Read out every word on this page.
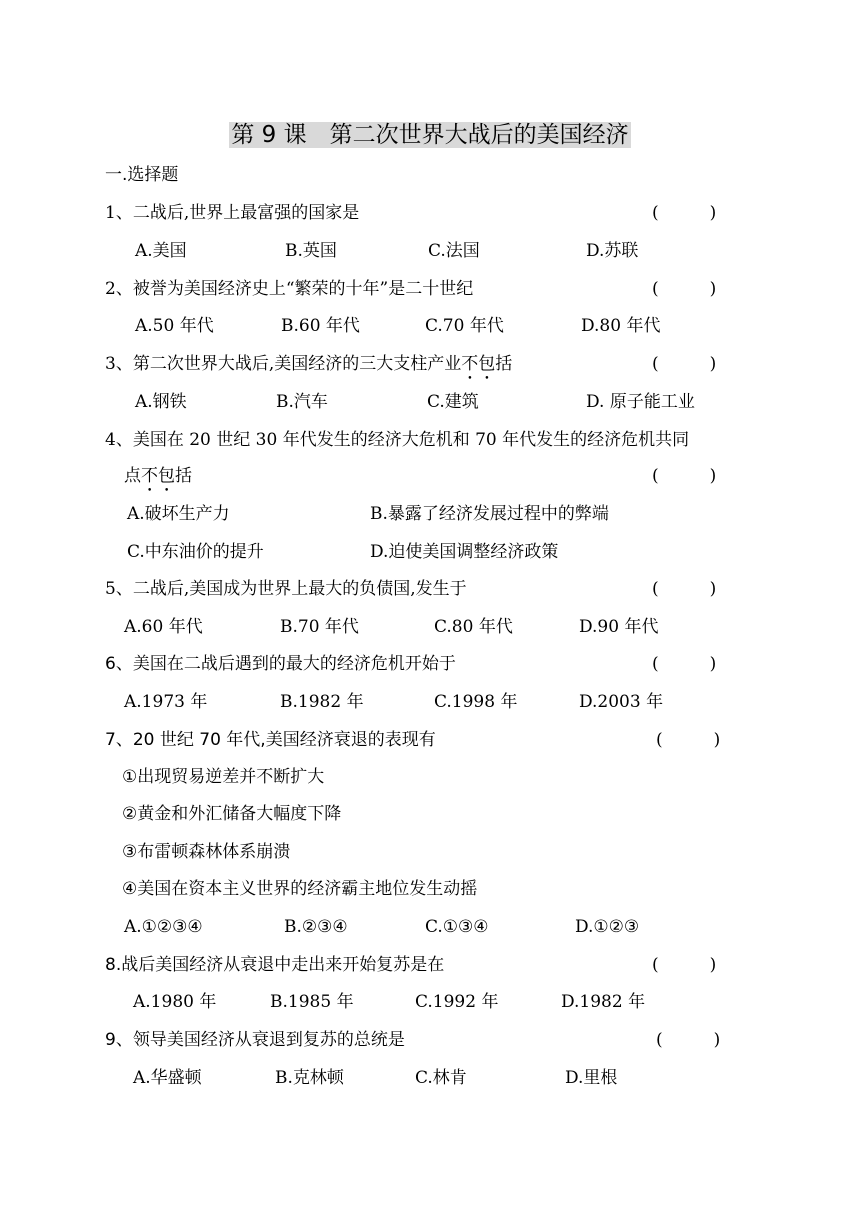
第 9 课　第二次世界大战后的美国经济
一.选择题
1、二战后,世界上最富强的国家是	(　　　)
A.美国	B.英国	C.法国	D.苏联
2、被誉为美国经济史上“繁荣的十年”是二十世纪	(　　　)
A.50 年代	B.60 年代	C.70 年代	D.80 年代
3、第二次世界大战后,美国经济的三大支柱产业不包括	(　　　)
A.钢铁	B.汽车	C.建筑	D. 原子能工业
4、美国在 20 世纪 30 年代发生的经济大危机和 70 年代发生的经济危机共同
点不包括	(　　　)
A.破坏生产力	B.暴露了经济发展过程中的弊端
C.中东油价的提升	D.迫使美国调整经济政策
5、二战后,美国成为世界上最大的负债国,发生于	(　　　)
A.60 年代	B.70 年代	C.80 年代	D.90 年代
6、美国在二战后遇到的最大的经济危机开始于	(　　　)
A.1973 年	B.1982 年	C.1998 年	D.2003 年
7、20 世纪 70 年代,美国经济衰退的表现有	(　　　)
①出现贸易逆差并不断扩大
②黄金和外汇储备大幅度下降
③布雷顿森林体系崩溃
④美国在资本主义世界的经济霸主地位发生动摇
A.①②③④	B.②③④	C.①③④	D.①②③
8.战后美国经济从衰退中走出来开始复苏是在	(　　　)
A.1980 年	B.1985 年	C.1992 年	D.1982 年
9、领导美国经济从衰退到复苏的总统是	(　　　)
A.华盛顿	B.克林顿	C.林肯	D.里根
